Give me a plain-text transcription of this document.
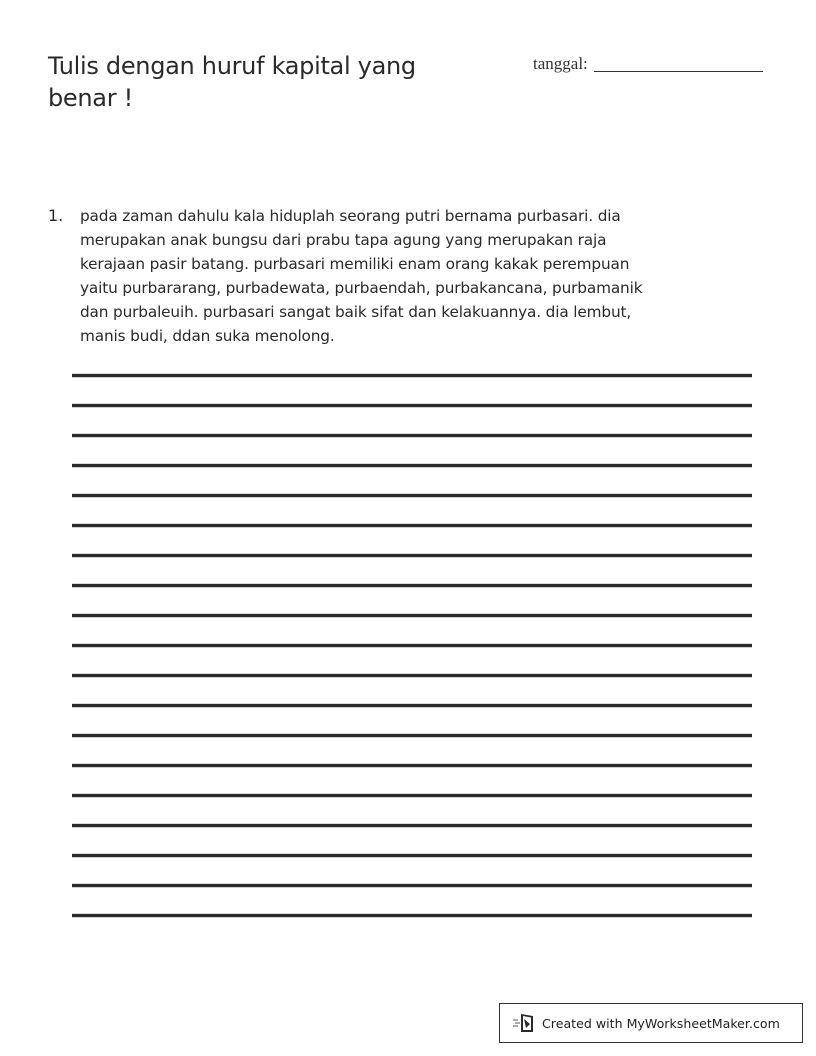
Tulis dengan huruf kapital yang benar !
tanggal:
1.	pada zaman dahulu kala hiduplah seorang putri bernama purbasari. dia
merupakan anak bungsu dari prabu tapa agung yang merupakan raja
kerajaan pasir batang. purbasari memiliki enam orang kakak perempuan
yaitu purbararang, purbadewata, purbaendah, purbakancana, purbamanik
dan purbaleuih. purbasari sangat baik sifat dan kelakuannya. dia lembut,
manis budi, ddan suka menolong.
Created with MyWorksheetMaker.com
